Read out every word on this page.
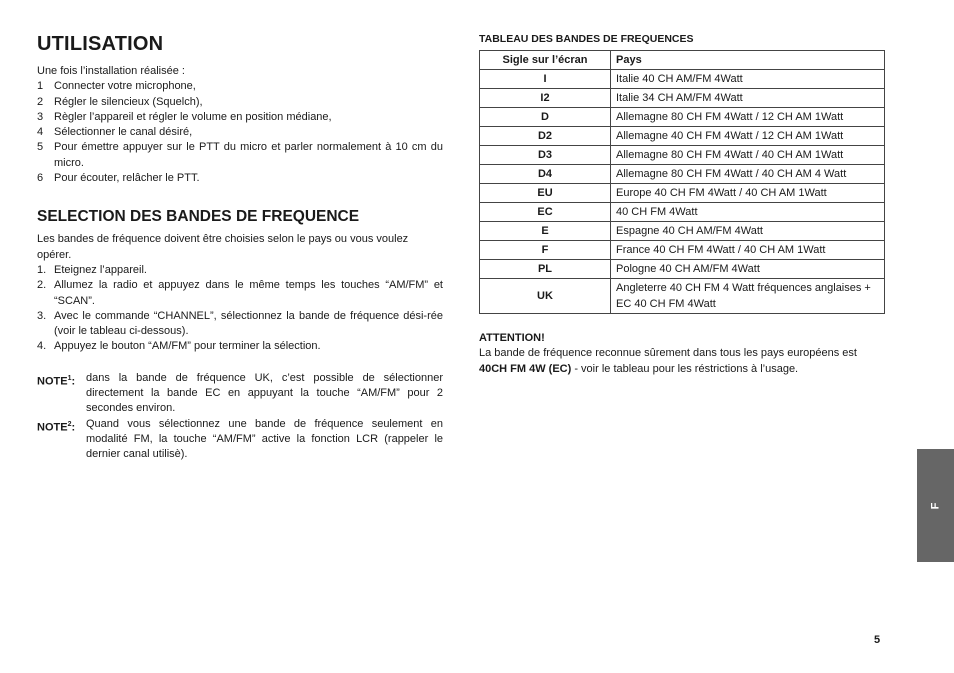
UTILISATION

Une fois l’installation réalisée :

1 Connecter votre microphone,
2 Régler le silencieux (Squelch),
3 Règler l’appareil et régler le volume en position médiane,
4 Sélectionner le canal désiré,
5 Pour émettre appuyer sur le PTT du micro et parler normalement à 10 cm du micro.
6 Pour écouter, relâcher le PTT.
SELECTION DES BANDES DE FREQUENCE

Les bandes de fréquence doivent être choisies selon le pays ou vous voulez opérer.

1. Eteignez l’appareil.
2. Allumez la radio et appuyez dans le même temps les touches “AM/FM” et “SCAN”.
3. Avec le commande “CHANNEL”, sélectionnez la bande de fréquence dési-rée (voir le tableau ci-dessous).
4. Appuyez le bouton “AM/FM” pour terminer la sélection.
NOTE$^1$: dans la bande de fréquence UK, c’est possible de sélectionner directement la bande EC en appuyant la touche “AM/FM” pour 2 secondes environ.
NOTE$^2$: Quand vous sélectionnez une bande de fréquence seulement en modalité FM, la touche “AM/FM” active la fonction LCR (rappeler le dernier canal utilisè).
TABLEAU DES BANDES DE FREQUENCES
Sigle sur l’écran	Pays
I	Italie 40 CH AM/FM 4Watt
I2	Italie 34 CH AM/FM 4Watt
D	Allemagne 80 CH FM 4Watt / 12 CH AM 1Watt
D2	Allemagne 40 CH FM 4Watt / 12 CH AM 1Watt
D3	Allemagne 80 CH FM 4Watt / 40 CH AM 1Watt
D4	Allemagne 80 CH FM 4Watt / 40 CH AM 4 Watt
EU	Europe 40 CH FM 4Watt / 40 CH AM 1Watt
EC	40 CH FM 4Watt
E	Espagne 40 CH AM/FM 4Watt
F	France 40 CH FM 4Watt / 40 CH AM 1Watt
PL	Pologne 40 CH AM/FM 4Watt
UK	Angleterre 40 CH FM 4 Watt fréquences anglaises + EC 40 CH FM 4Watt
ATTENTION!

La bande de fréquence reconnue sûrement dans tous les pays européens est 40CH FM 4W (EC) - voir le tableau pour les réstrictions à l’usage.

F
5
